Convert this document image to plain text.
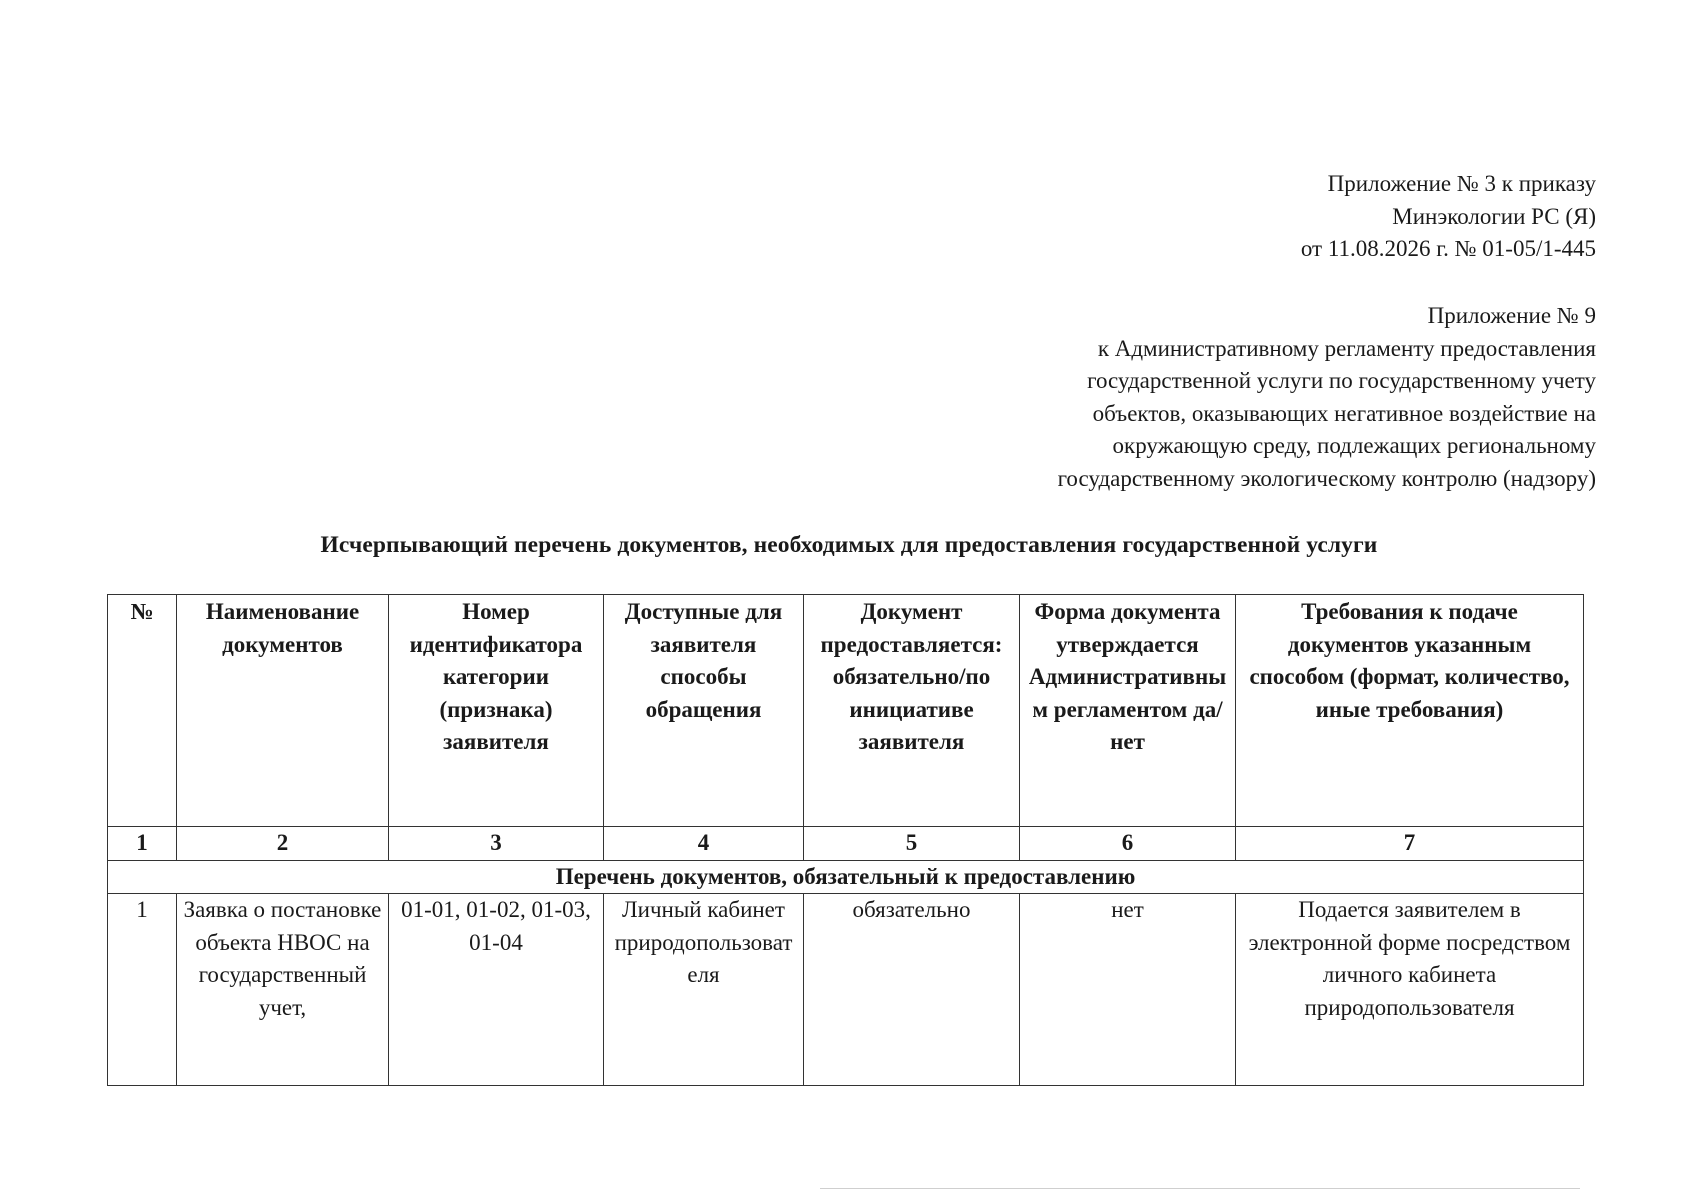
Приложение № 3 к приказу
Минэкологии РС (Я)
от 11.08.2026 г. № 01-05/1-445
Приложение № 9
к Административному регламенту предоставления
государственной услуги по государственному учету
объектов, оказывающих негативное воздействие на
окружающую среду, подлежащих региональному
государственному экологическому контролю (надзору)
Исчерпывающий перечень документов, необходимых для предоставления государственной услуги
№	Наименование документов	Номер идентификатора категории (признака) заявителя	Доступные для заявителя способы обращения	Документ предоставляется: обязательно/по инициативе заявителя	Форма документа утверждается Административным регламентом да/нет	Требования к подаче документов указанным способом (формат, количество, иные требования)
1	2	3	4	5	6	7
Перечень документов, обязательный к предоставлению						
1	Заявка о постановке объекта НВОС на государственный учет,	01-01, 01-02, 01-03, 01-04	Личный кабинет природопользователя	обязательно	нет	Подается заявителем в электронной форме посредством личного кабинета природопользователя
